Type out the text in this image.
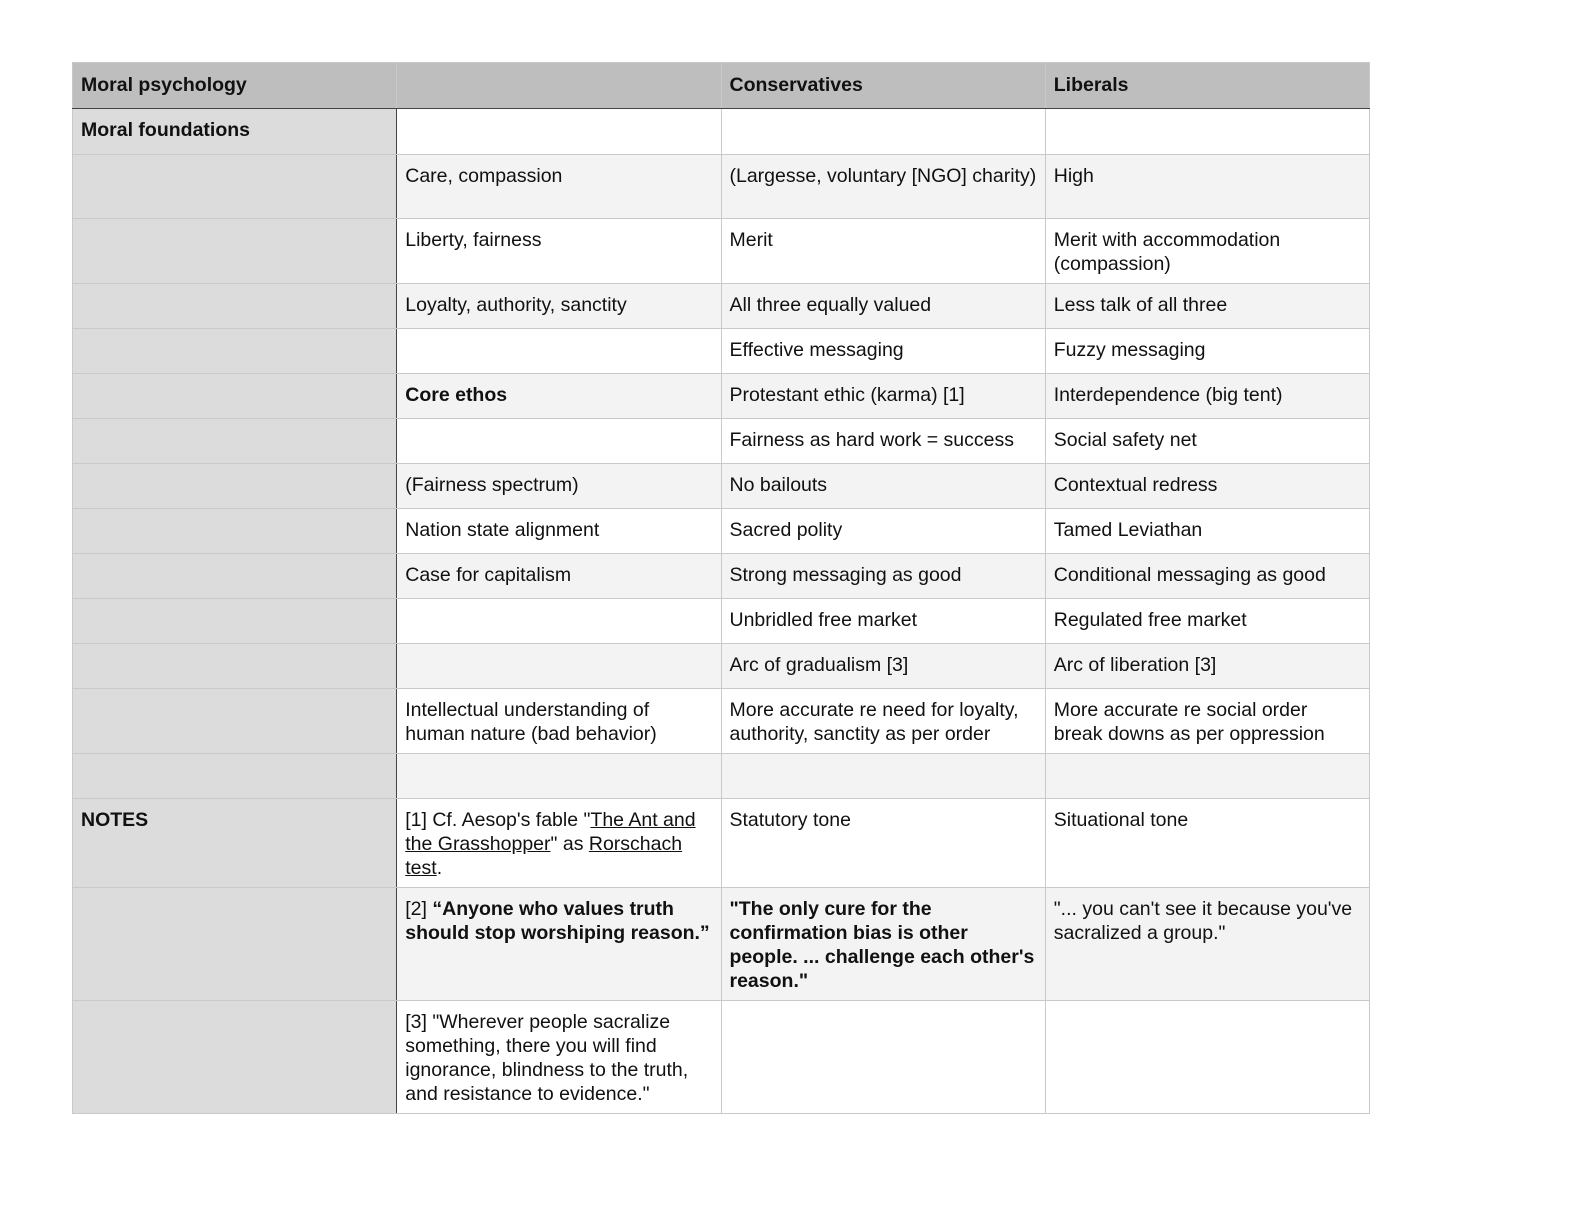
Moral psychology		Conservatives	Liberals
Moral foundations			
	Care, compassion	(Largesse, voluntary [NGO] charity)	High
	Liberty, fairness	Merit	Merit with accommodation (compassion)
	Loyalty, authority, sanctity	All three equally valued	Less talk of all three
		Effective messaging	Fuzzy messaging
	Core ethos	Protestant ethic (karma) [1]	Interdependence (big tent)
		Fairness as hard work = success	Social safety net
	(Fairness spectrum)	No bailouts	Contextual redress
	Nation state alignment	Sacred polity	Tamed Leviathan
	Case for capitalism	Strong messaging as good	Conditional messaging as good
		Unbridled free market	Regulated free market
		Arc of gradualism [3]	Arc of liberation [3]
	Intellectual understanding of human nature (bad behavior)	More accurate re need for loyalty, authority, sanctity as per order	More accurate re social order break downs as per oppression

NOTES	[1] Cf. Aesop's fable "The Ant and the Grasshopper" as Rorschach test.	Statutory tone	Situational tone
	[2] “Anyone who values truth should stop worshiping reason.”	"The only cure for the confirmation bias is other people. ... challenge each other's reason."	"... you can't see it because you've sacralized a group."
	[3] "Wherever people sacralize something, there you will find ignorance, blindness to the truth, and resistance to evidence."		
